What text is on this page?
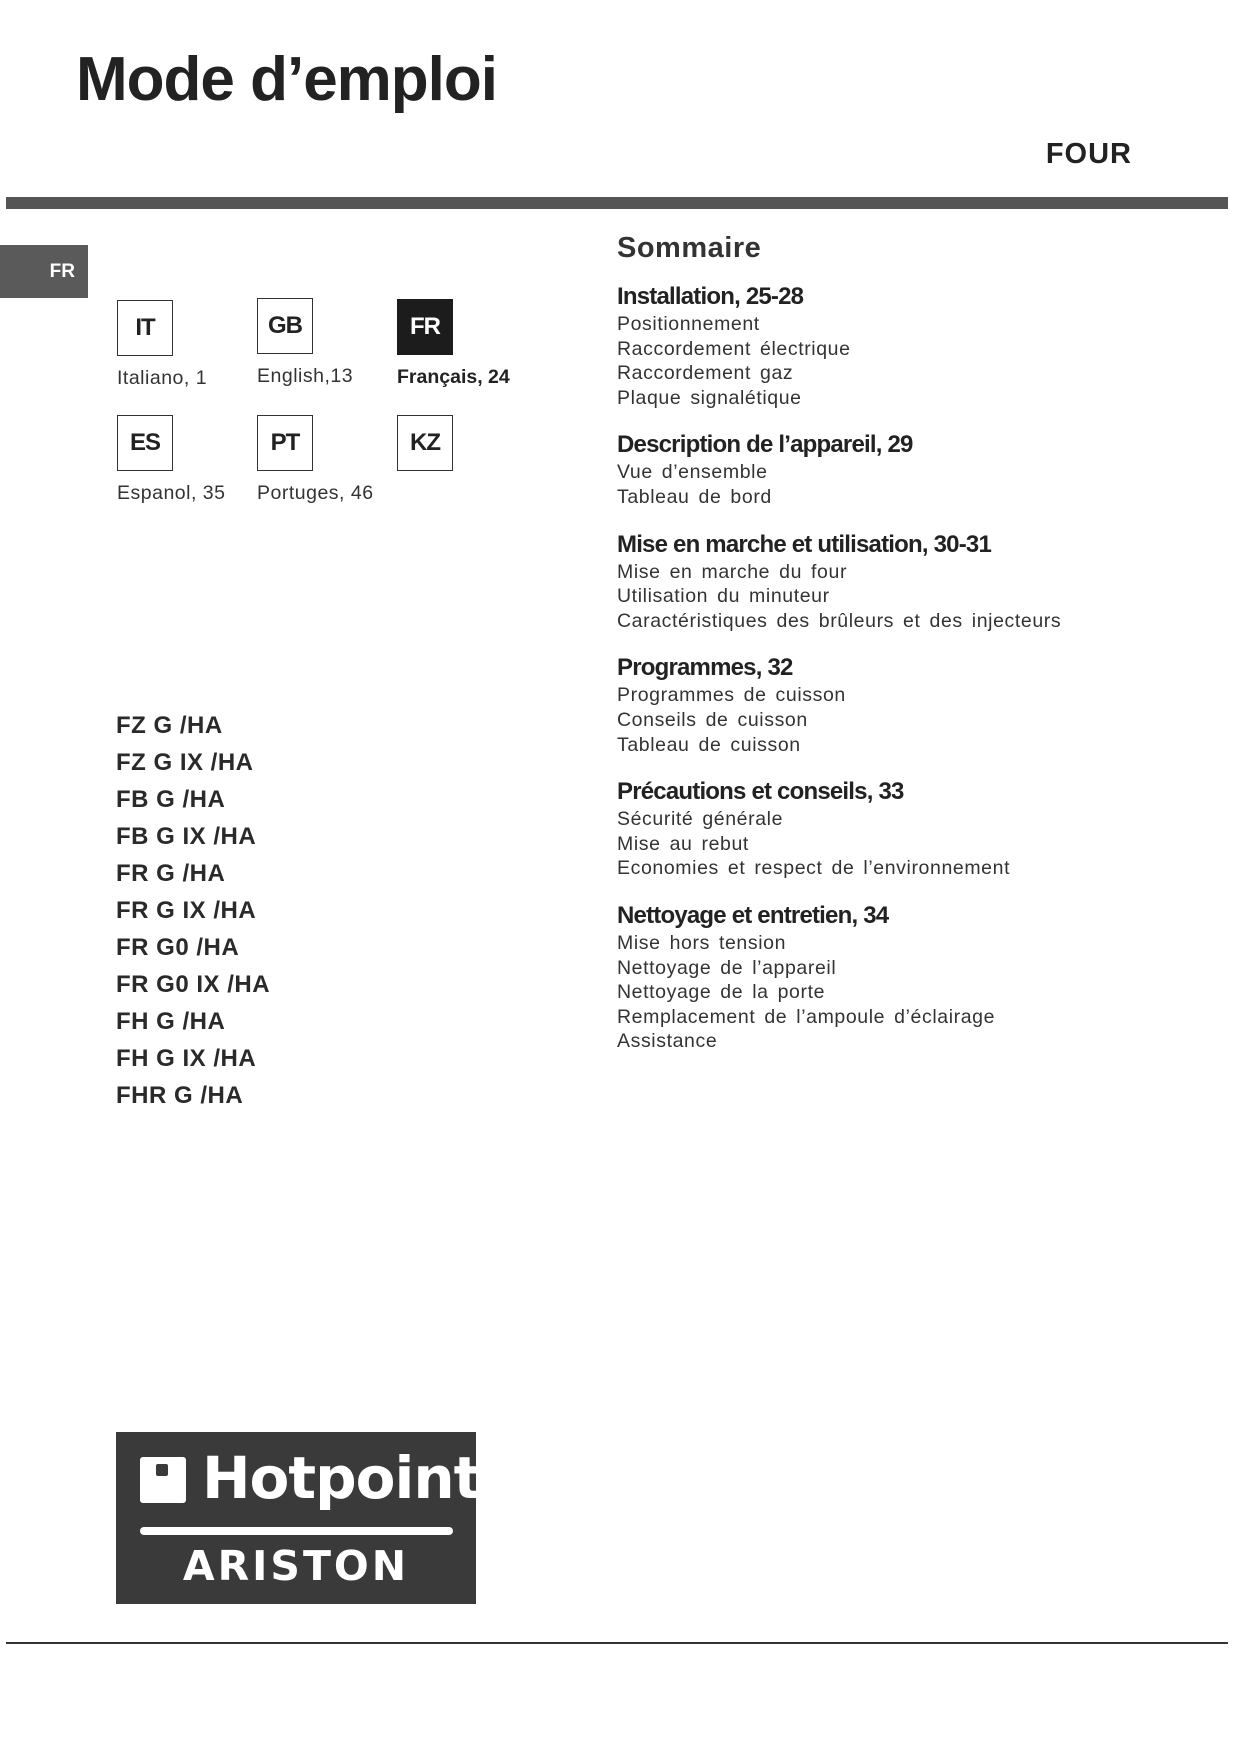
Mode d’emploi
FOUR
FR
IT
Italiano, 1
GB
English,13
FR
Français, 24
ES
Espanol, 35
PT
Portuges, 46
KZ
FZ G /HA
FZ G IX /HA
FB G /HA
FB G IX /HA
FR G /HA
FR G IX /HA
FR G0 /HA
FR G0 IX /HA
FH G /HA
FH G IX /HA
FHR G /HA
Hotpoint
ARISTON
Sommaire
Installation, 25-28
Positionnement
Raccordement électrique
Raccordement gaz
Plaque signalétique
Description de l’appareil, 29
Vue d’ensemble
Tableau de bord
Mise en marche et utilisation, 30-31
Mise en marche du four
Utilisation du minuteur
Caractéristiques des brûleurs et des injecteurs
Programmes, 32
Programmes de cuisson
Conseils de cuisson
Tableau de cuisson
Précautions et conseils, 33
Sécurité générale
Mise au rebut
Economies et respect de l’environnement
Nettoyage et entretien, 34
Mise hors tension
Nettoyage de l’appareil
Nettoyage de la porte
Remplacement de l’ampoule d’éclairage
Assistance
